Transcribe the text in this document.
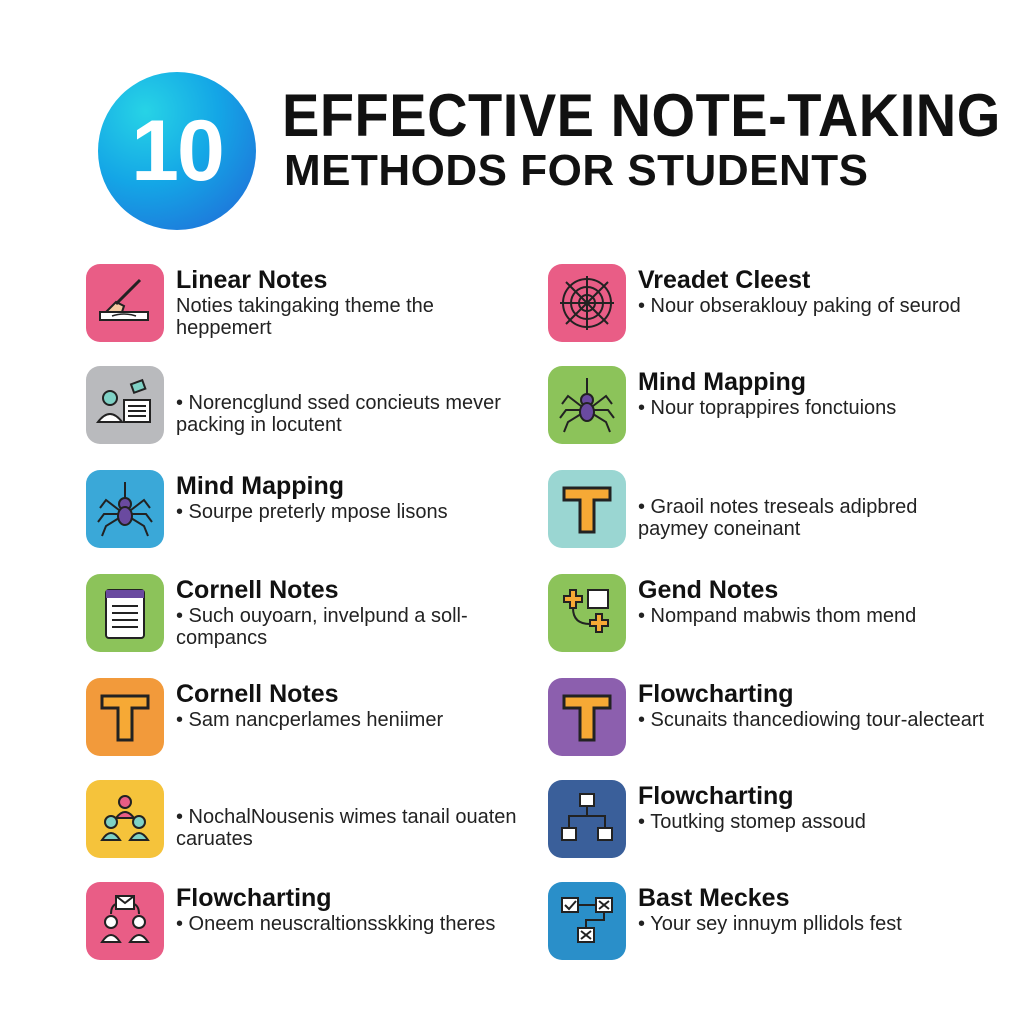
10 EFFECTIVE NOTE-TAKING
METHODS FOR STUDENTS
Linear Notes
Noties takingaking theme the heppemert
Vreadet Cleest
• Nour obseraklouy paking of seurod
• Norencglund ssed concieuts mever packing in locutent
Mind Mapping
• Nour toprappires fonctuions
Mind Mapping
• Sourpe preterly mpose lisons	• Graoil notes treseals adipbred paymey coneinant
Cornell Notes
• Such ouyoarn, invelpund a soll-compancs
Gend Notes
• Nompand mabwis thom mend
Cornell Notes
• Sam nancperlames heniimer
Flowcharting
• Scunaits thancediowing tour-alecteart
• NochalNousenis wimes tanail ouaten caruates
Flowcharting
• Toutking stomep assoud
Flowcharting
• Oneem neuscraltionsskking theres
Bast Meckes
• Your sey innuym pllidols fest
